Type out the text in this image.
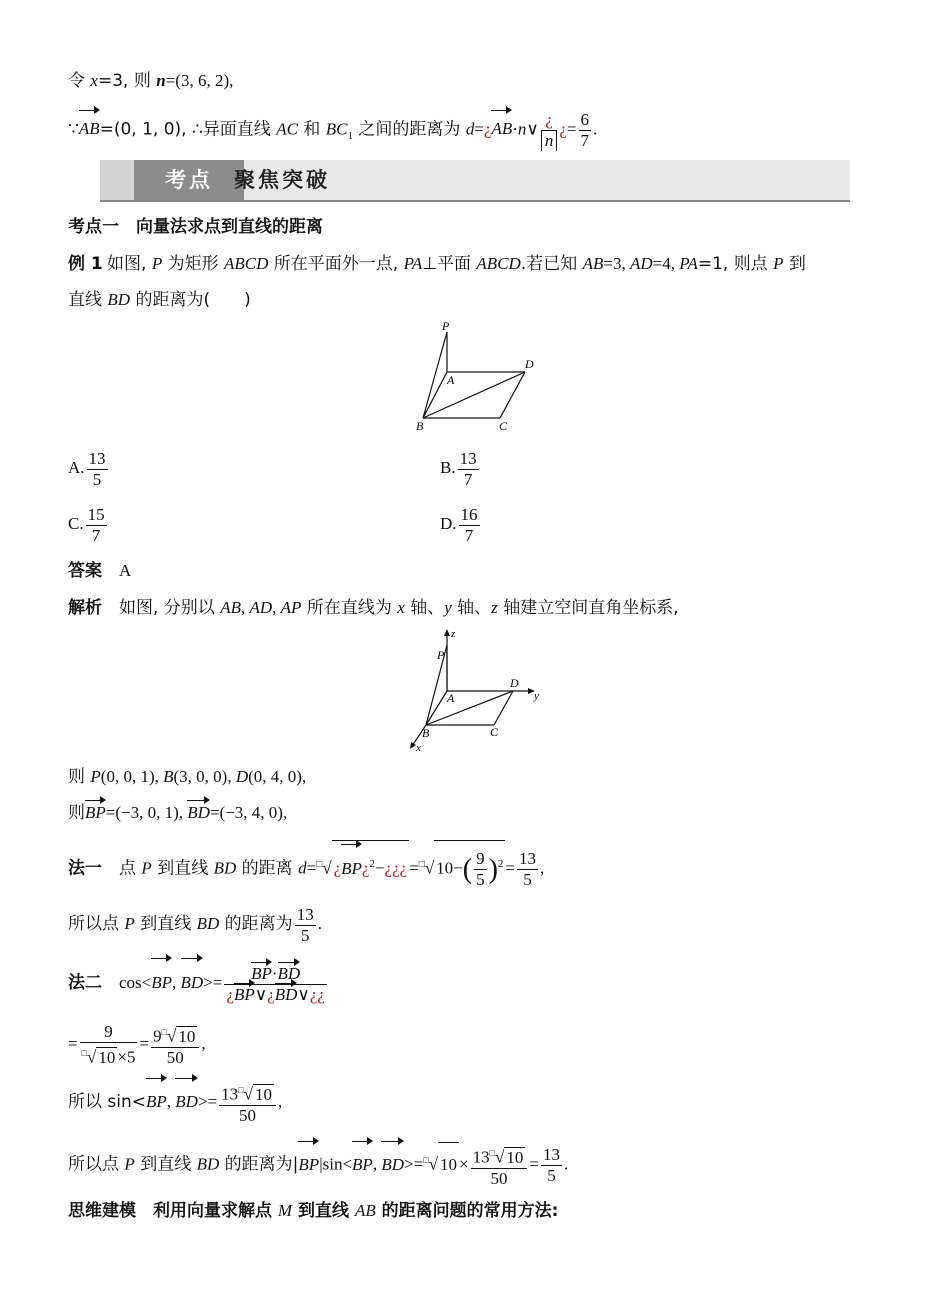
令 x=3, 则 n=(3, 6, 2),
∵AB=(0, 1, 0), ∴异面直线 AC 和 $BC_1$ 之间的距离为 d=¿AB·n∨ $\frac{¿}{n}$ ¿= $\frac{6}{7}$ .
考点	聚焦突破
考点一　向量法求点到直线的距离
例 1 如图, P 为矩形 ABCD 所在平面外一点, PA⊥平面 ABCD.若已知 AB=3, AD=4, PA=1, 则点 P 到
直线 BD 的距离为(　　)
P
A
D
B	C
A. $\frac{13}{5}$	B. $\frac{13}{7}$
C. $\frac{15}{7}$	D. $\frac{16}{7}$
答案 A
解析 如图, 分别以 AB, AD, AP 所在直线为 x 轴、y 轴、z 轴建立空间直角坐标系,
z
P
A
D
y
B	C
x
则 P(0, 0, 1), B(3, 0, 0), D(0, 4, 0),
则BP=(−3, 0, 1), BD=(−3, 4, 0),
法一 点 P 到直线 BD 的距离 d=□√ ¿BP¿$^2$−¿¿¿ =□√ $10-( \frac{9}{5} )^2 = \frac{13}{5}$ ,
所以点 P 到直线 BD 的距离为 $\frac{13}{5}$ .
法二 cos<BP, $BD>= \frac{BP\cdot BD}{¿BP\vee¿BD\vee¿¿}$
= $\frac{9}{^□√ 10 \times 5} = \frac{9^□√ 10}{50}$ ,
所以 sin<BP, $BD>= \frac{13^□√ 10}{50}$ ,
所以点 P 到直线 BD 的距离为|BP|sin<BP, BD>=□√ $10 \times \frac{13^□√ 10}{50} = \frac{13}{5}$ .
思维建模　利用向量求解点 M 到直线 AB 的距离问题的常用方法:
